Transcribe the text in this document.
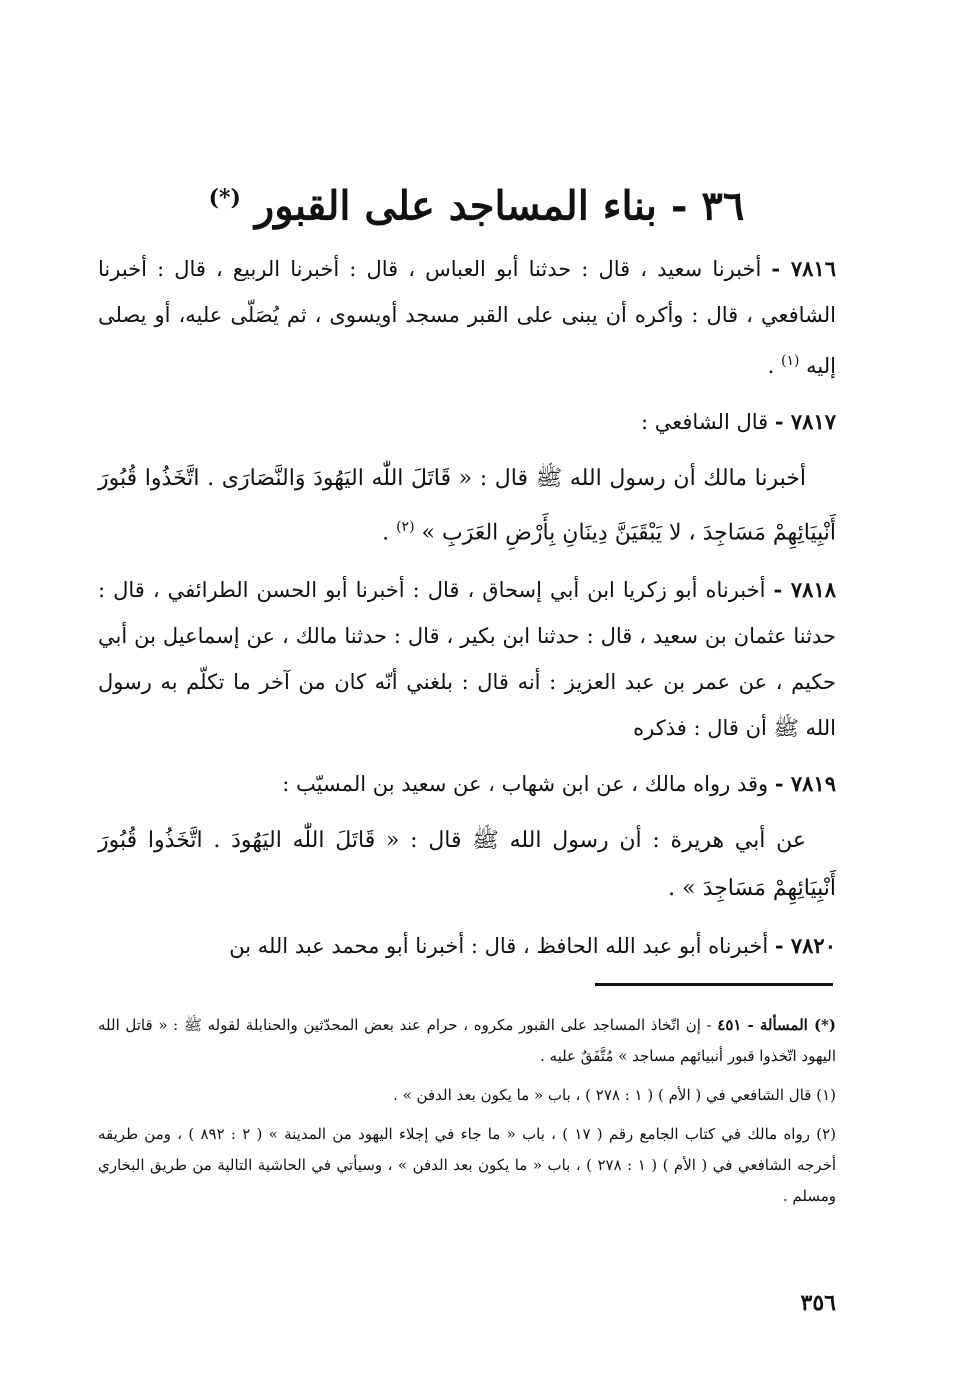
٣٦ - بناء المساجد على القبور (*)

٧٨١٦ - أخبرنا سعيد ، قال : حدثنا أبو العباس ، قال : أخبرنا الربيع ، قال : أخبرنا الشافعي ، قال : وأكره أن يبنى على القبر مسجد أويسوى ، ثم يُصَلّى عليه، أو يصلى إليه $^{(١)}$ .

٧٨١٧ - قال الشافعي :

أخبرنا مالك أن رسول الله ﷺ قال : « قَاتَلَ اللّٰه اليَهُودَ وَالنَّصَارَى . اتَّخَذُوا قُبُورَ أَنْبِيَائِهِمْ مَسَاجِدَ ، لا يَبْقَيَنَّ دِينَانِ بِأَرْضِ العَرَبِ » $^{(٢)}$ .

٧٨١٨ - أخبرناه أبو زكريا ابن أبي إسحاق ، قال : أخبرنا أبو الحسن الطرائفي ، قال : حدثنا عثمان بن سعيد ، قال : حدثنا ابن بكير ، قال : حدثنا مالك ، عن إسماعيل بن أبي حكيم ، عن عمر بن عبد العزيز : أنه قال : بلغني أنّه كان من آخر ما تكلّم به رسول الله ﷺ أن قال : فذكره

٧٨١٩ - وقد رواه مالك ، عن ابن شهاب ، عن سعيد بن المسيّب :

عن أبي هريرة : أن رسول الله ﷺ قال : « قَاتَلَ اللّٰه اليَهُودَ . اتَّخَذُوا قُبُورَ أَنْبِيَائِهِمْ مَسَاجِدَ » .

٧٨٢٠ - أخبرناه أبو عبد الله الحافظ ، قال : أخبرنا أبو محمد عبد الله بن

(*) المسألة - ٤٥١ - إن اتّخاذ المساجد على القبور مكروه ، حرام عند بعض المحدّثين والحنابلة لقوله ﷺ : « قاتل الله اليهود اتّخذوا قبور أنبيائهم مساجد » مُتَّفَقٌ عليه .

(١) قال الشافعي في ( الأم ) ( ١ : ٢٧٨ ) ، باب « ما يكون بعد الدفن » .

(٢) رواه مالك في كتاب الجامع رقم ( ١٧ ) ، باب « ما جاء في إجلاء اليهود من المدينة » ( ٢ : ٨٩٢ ) ، ومن طريقه أخرجه الشافعي في ( الأم ) ( ١ : ٢٧٨ ) ، باب « ما يكون بعد الدفن » ، وسيأتي في الحاشية التالية من طريق البخاري ومسلم .

٣٥٦
